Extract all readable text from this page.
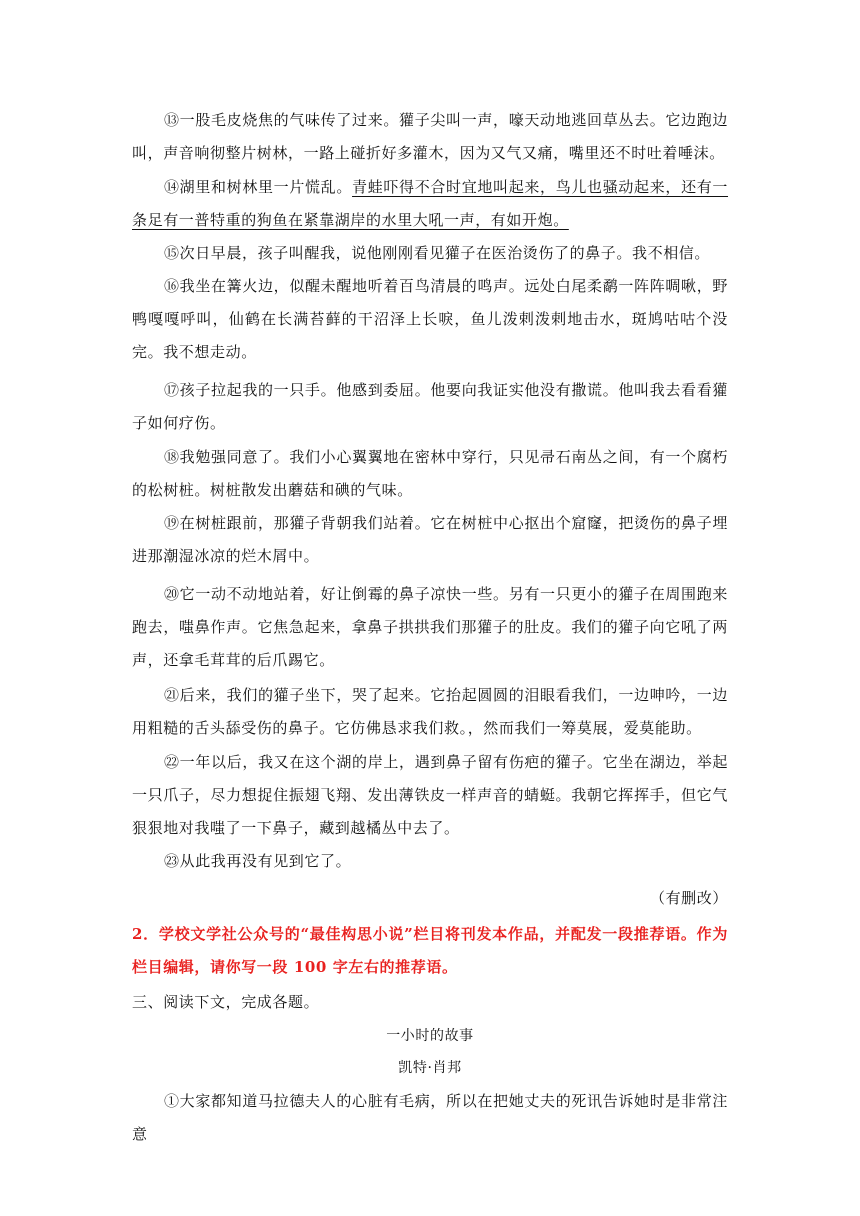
⑬一股毛皮烧焦的气味传了过来。獾子尖叫一声，嚎天动地逃回草丛去。它边跑边叫，声音响彻整片树林，一路上碰折好多灌木，因为又气又痛，嘴里还不时吐着唾沫。

⑭湖里和树林里一片慌乱。青蛙吓得不合时宜地叫起来，鸟儿也骚动起来，还有一条足有一普特重的狗鱼在紧靠湖岸的水里大吼一声，有如开炮。

⑮次日早晨，孩子叫醒我，说他刚刚看见獾子在医治烫伤了的鼻子。我不相信。

⑯我坐在篝火边，似醒未醒地听着百鸟清晨的鸣声。远处白尾柔鹬一阵阵啁啾，野鸭嘎嘎呼叫，仙鹤在长满苔藓的干沼泽上长唳，鱼儿泼剌泼剌地击水，斑鸠咕咕个没完。我不想走动。

⑰孩子拉起我的一只手。他感到委屈。他要向我证实他没有撒谎。他叫我去看看獾子如何疗伤。

⑱我勉强同意了。我们小心翼翼地在密林中穿行，只见帚石南丛之间，有一个腐朽的松树桩。树桩散发出蘑菇和碘的气味。

⑲在树桩跟前，那獾子背朝我们站着。它在树桩中心抠出个窟窿，把烫伤的鼻子埋进那潮湿冰凉的烂木屑中。

⑳它一动不动地站着，好让倒霉的鼻子凉快一些。另有一只更小的獾子在周围跑来跑去，嗤鼻作声。它焦急起来，拿鼻子拱拱我们那獾子的肚皮。我们的獾子向它吼了两声，还拿毛茸茸的后爪踢它。

㉑后来，我们的獾子坐下，哭了起来。它抬起圆圆的泪眼看我们，一边呻吟，一边用粗糙的舌头舔受伤的鼻子。它仿佛恳求我们救。，然而我们一筹莫展，爱莫能助。

㉒一年以后，我又在这个湖的岸上，遇到鼻子留有伤疤的獾子。它坐在湖边，举起一只爪子，尽力想捉住振翅飞翔、发出薄铁皮一样声音的蜻蜓。我朝它挥挥手，但它气狠狠地对我嗤了一下鼻子，藏到越橘丛中去了。

㉓从此我再没有见到它了。

（有删改）
2．学校文学社公众号的“最佳构思小说”栏目将刊发本作品，并配发一段推荐语。作为栏目编辑，请你写一段 100 字左右的推荐语。
三、阅读下文，完成各题。
一小时的故事
凯特·肖邦

①大家都知道马拉德夫人的心脏有毛病，所以在把她丈夫的死讯告诉她时是非常注意
